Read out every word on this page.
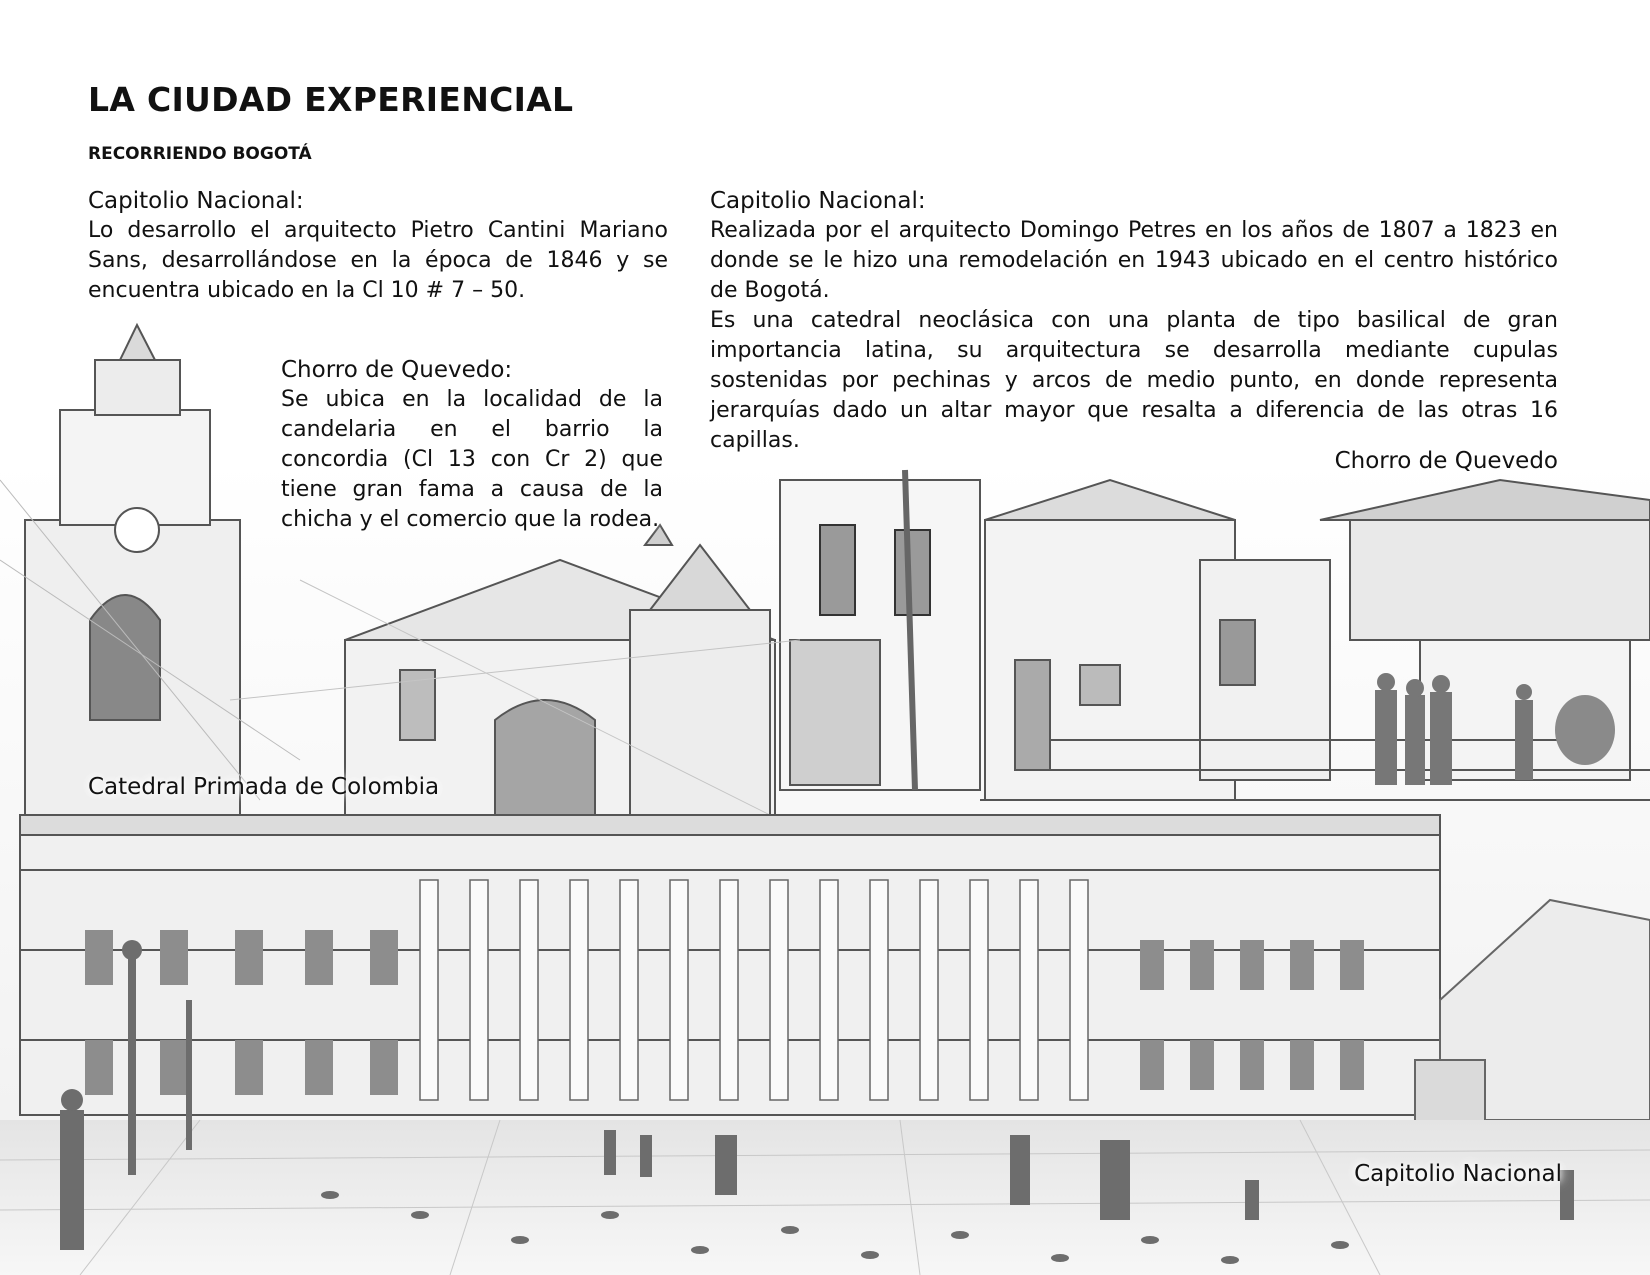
LA CIUDAD EXPERIENCIAL
RECORRIENDO BOGOTÁ
Capitolio Nacional:
Lo desarrollo el arquitecto Pietro Cantini Mariano Sans, desarrollándose en la época de 1846 y se encuentra ubicado en la Cl 10 # 7 – 50.
Chorro de Quevedo:
Se ubica en la localidad de la candelaria en el barrio la concordia (Cl 13 con Cr 2) que tiene gran fama a causa de la chicha y el comercio que la rodea.
Capitolio Nacional:
Realizada por el arquitecto Domingo Petres en los años de 1807 a 1823 en donde se le hizo una remodelación en 1943 ubicado en el centro histórico de Bogotá.
Es una catedral neoclásica con una planta de tipo basilical de gran importancia latina, su arquitectura se desarrolla mediante cupulas sostenidas por pechinas y arcos de medio punto, en donde representa jerarquías dado un altar mayor que resalta a diferencia de las otras 16 capillas.
Chorro de Quevedo
Catedral Primada de Colombia
Capitolio Nacional
